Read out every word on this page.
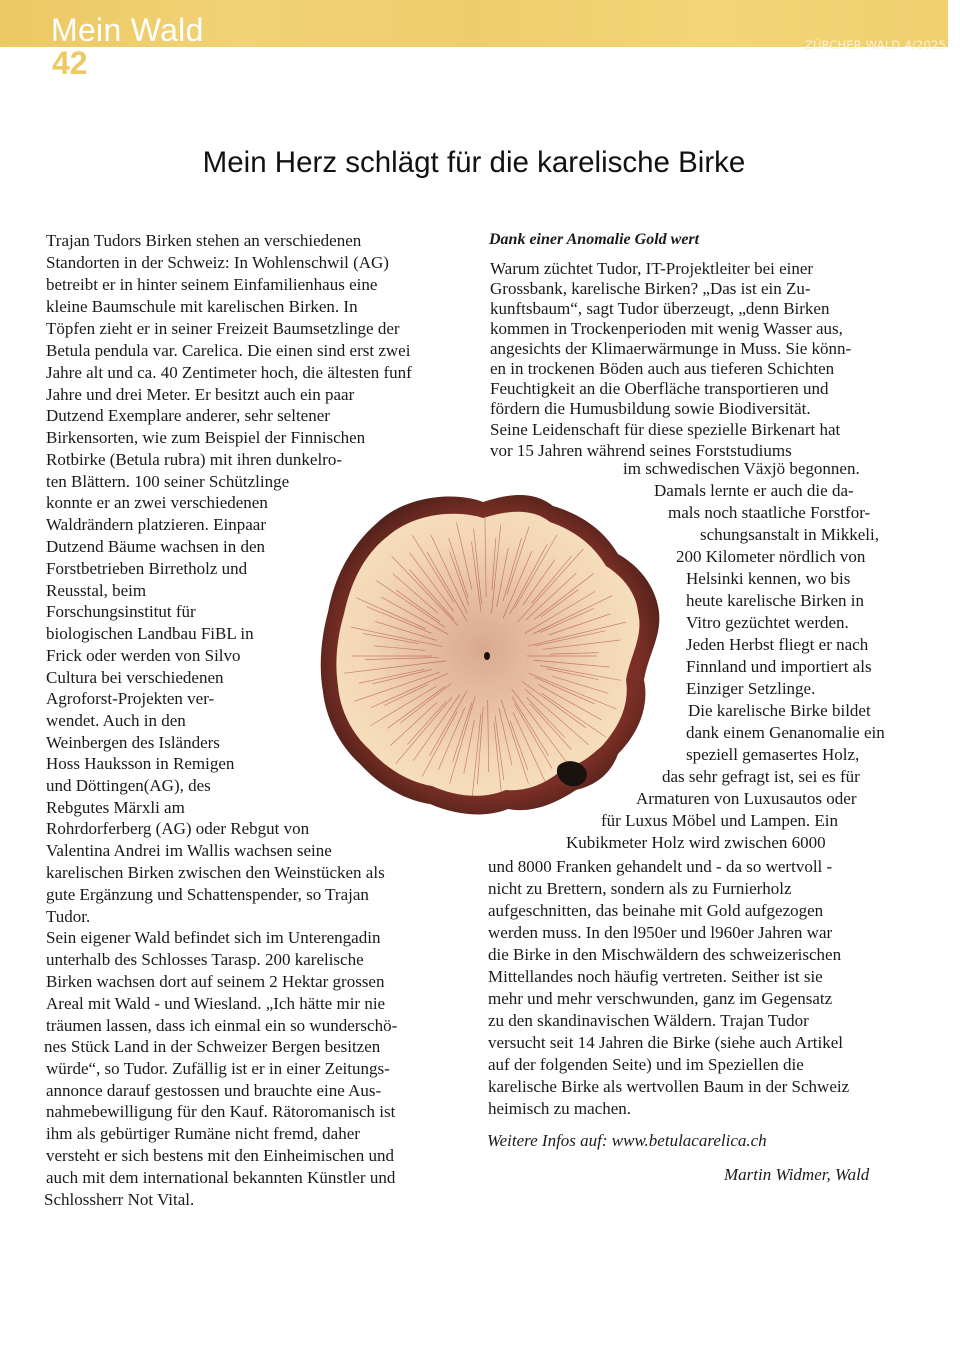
Mein Wald
42	ZÜRCHER WALD 4/2025
Mein Herz schlägt für die karelische Birke
Trajan Tudors Birken stehen an verschiedenen
Standorten in der Schweiz: In Wohlenschwil (AG)
betreibt er in hinter seinem Einfamilienhaus eine
kleine Baumschule mit karelischen Birken. In
Töpfen zieht er in seiner Freizeit Baumsetzlinge der
Betula pendula var. Carelica. Die einen sind erst zwei
Jahre alt und ca. 40 Zentimeter hoch, die ältesten funf
Jahre und drei Meter. Er besitzt auch ein paar
Dutzend Exemplare anderer, sehr seltener
Birkensorten, wie zum Beispiel der Finnischen
Rotbirke (Betula rubra) mit ihren dunkelro-
ten Blättern. 100 seiner Schützlinge
konnte er an zwei verschiedenen
Waldrändern platzieren. Einpaar
Dutzend Bäume wachsen in den
Forstbetrieben Birretholz und
Reusstal, beim
Forschungsinstitut für
biologischen Landbau FiBL in
Frick oder werden von Silvo
Cultura bei verschiedenen
Agroforst-Projekten ver-
wendet. Auch in den
Weinbergen des Isländers
Hoss Hauksson in Remigen
und Döttingen(AG), des
Rebgutes Märxli am
Rohrdorferberg (AG) oder Rebgut von
Valentina Andrei im Wallis wachsen seine
karelischen Birken zwischen den Weinstücken als
gute Ergänzung und Schattenspender, so Trajan
Tudor.
Sein eigener Wald befindet sich im Unterengadin
unterhalb des Schlosses Tarasp. 200 karelische
Birken wachsen dort auf seinem 2 Hektar grossen
Areal mit Wald - und Wiesland. „Ich hätte mir nie
träumen lassen, dass ich einmal ein so wunderschö-
nes Stück Land in der Schweizer Bergen besitzen
würde“, so Tudor. Zufällig ist er in einer Zeitungs-
annonce darauf gestossen und brauchte eine Aus-
nahmebewilligung für den Kauf. Rätoromanisch ist
ihm als gebürtiger Rumäne nicht fremd, daher
versteht er sich bestens mit den Einheimischen und
auch mit dem international bekannten Künstler und
Schlossherr Not Vital.
Dank einer Anomalie Gold wert
Warum züchtet Tudor, IT-Projektleiter bei einer
Grossbank, karelische Birken? „Das ist ein Zu-
kunftsbaum“, sagt Tudor überzeugt, „denn Birken
kommen in Trockenperioden mit wenig Wasser aus,
angesichts der Klimaerwärmunge in Muss. Sie könn-
en in trockenen Böden auch aus tieferen Schichten
Feuchtigkeit an die Oberfläche transportieren und
fördern die Humusbildung sowie Biodiversität.
Seine Leidenschaft für diese spezielle Birkenart hat
vor 15 Jahren während seines Forststudiums
im schwedischen Växjö begonnen.
Damals lernte er auch die da-
mals noch staatliche Forstfor-
schungsanstalt in Mikkeli,
200 Kilometer nördlich von
Helsinki kennen, wo bis
heute karelische Birken in
Vitro gezüchtet werden.
Jeden Herbst fliegt er nach
Finnland und importiert als
Einziger Setzlinge.
Die karelische Birke bildet
dank einem Genanomalie ein
speziell gemasertes Holz,
das sehr gefragt ist, sei es für
Armaturen von Luxusautos oder
für Luxus Möbel und Lampen. Ein
Kubikmeter Holz wird zwischen 6000
und 8000 Franken gehandelt und - da so wertvoll -
nicht zu Brettern, sondern als zu Furnierholz
aufgeschnitten, das beinahe mit Gold aufgezogen
werden muss. In den l950er und l960er Jahren war
die Birke in den Mischwäldern des schweizerischen
Mittellandes noch häufig vertreten. Seither ist sie
mehr und mehr verschwunden, ganz im Gegensatz
zu den skandinavischen Wäldern. Trajan Tudor
versucht seit 14 Jahren die Birke (siehe auch Artikel
auf der folgenden Seite) und im Speziellen die
karelische Birke als wertvollen Baum in der Schweiz
heimisch zu machen.
Weitere Infos auf: www.betulacarelica.ch
Martin Widmer, Wald
